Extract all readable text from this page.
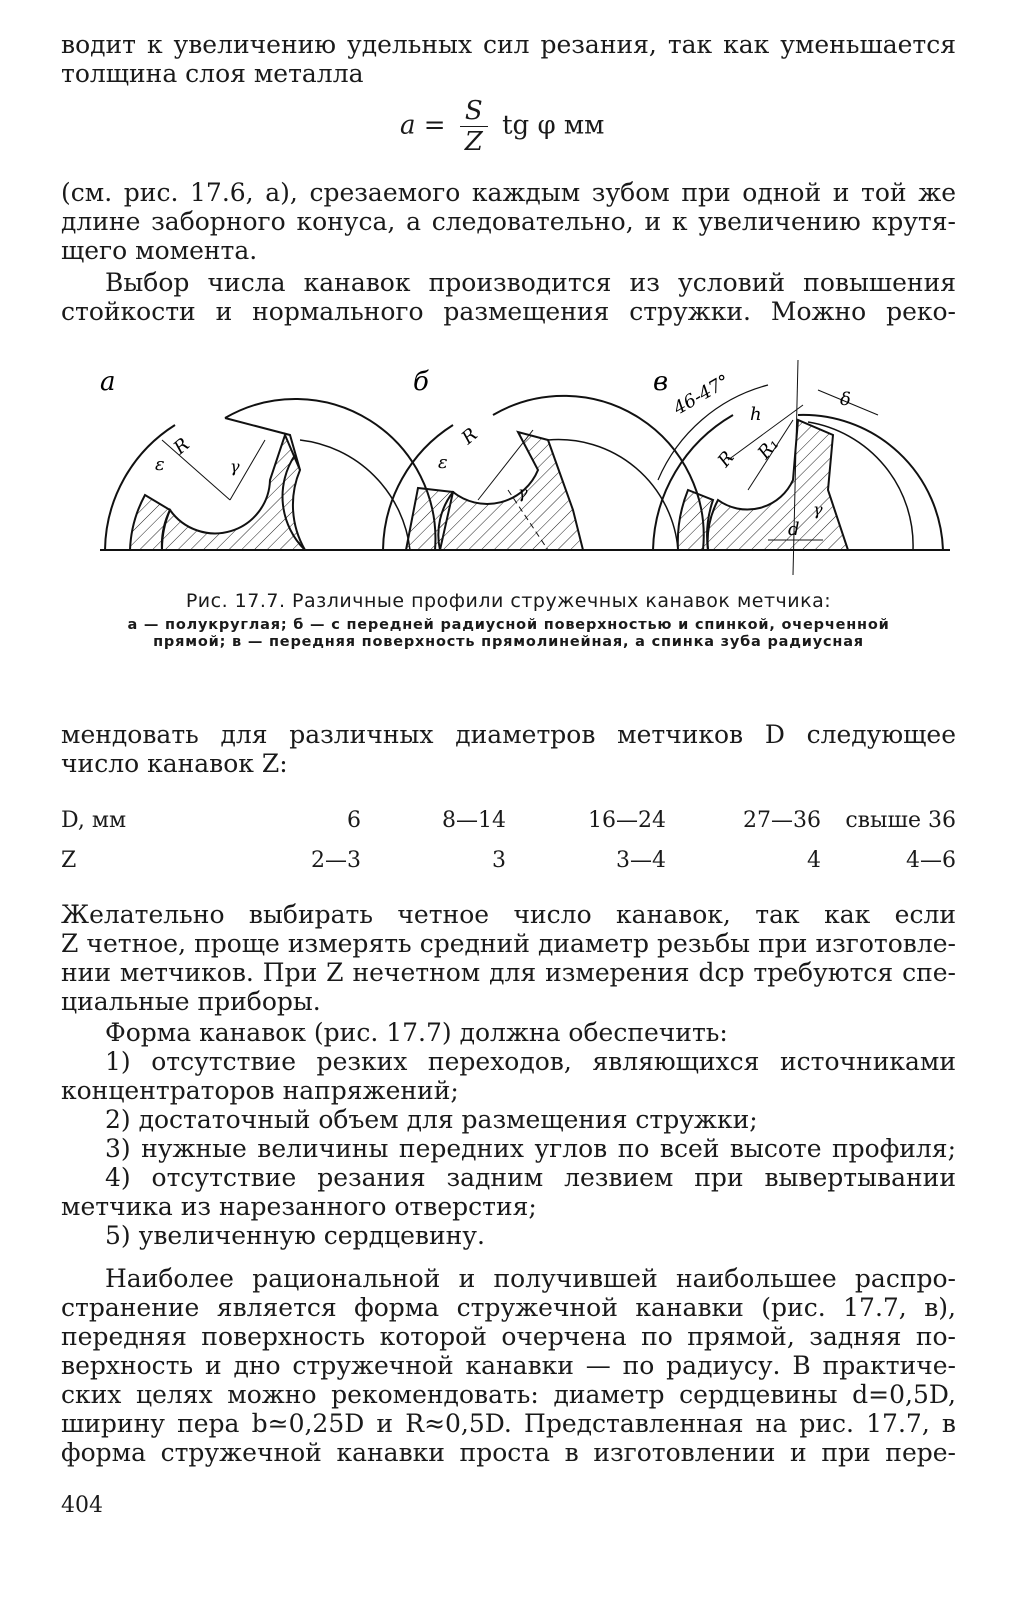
водит к увеличению удельных сил резания, так как уменьшается
толщина слоя металла

$a = \frac{S}{Z}$ tg φ мм

(см. рис. 17.6, а), срезаемого каждым зубом при одной и той же
длине заборного конуса, а следовательно, и к увеличению крутя-
щего момента.

Выбор числа канавок производится из условий повышения
стойкости и нормального размещения стружки. Можно реко-

а
R
ε	γ
б
R
ε
γ
в 46-47° h
R R₁
δ
γ
d
Рис. 17.7. Различные профили стружечных канавок метчика:
а — полукруглая; б — с передней радиусной поверхностью и спинкой, очерченной
прямой; в — передняя поверхность прямолинейная, а спинка зуба радиусная

мендовать для различных диаметров метчиков D следующее
число канавок Z:

D, мм	6	8—14	16—24	27—36	свыше 36
Z	2—3	3	3—4	4	4—6

Желательно выбирать четное число канавок, так как если
Z четное, проще измерять средний диаметр резьбы при изготовле-
нии метчиков. При Z нечетном для измерения dср требуются спе-
циальные приборы.

Форма канавок (рис. 17.7) должна обеспечить:
1) отсутствие резких переходов, являющихся источниками
концентраторов напряжений;
2) достаточный объем для размещения стружки;
3) нужные величины передних углов по всей высоте профиля;
4) отсутствие резания задним лезвием при вывертывании
метчика из нарезанного отверстия;
5) увеличенную сердцевину.

Наиболее рациональной и получившей наибольшее распро-
странение является форма стружечной канавки (рис. 17.7, в),
передняя поверхность которой очерчена по прямой, задняя по-
верхность и дно стружечной канавки — по радиусу. В практиче-
ских целях можно рекомендовать: диаметр сердцевины d=0,5D,
ширину пера b≃0,25D и R≈0,5D. Представленная на рис. 17.7, в
форма стружечной канавки проста в изготовлении и при пере-

404
